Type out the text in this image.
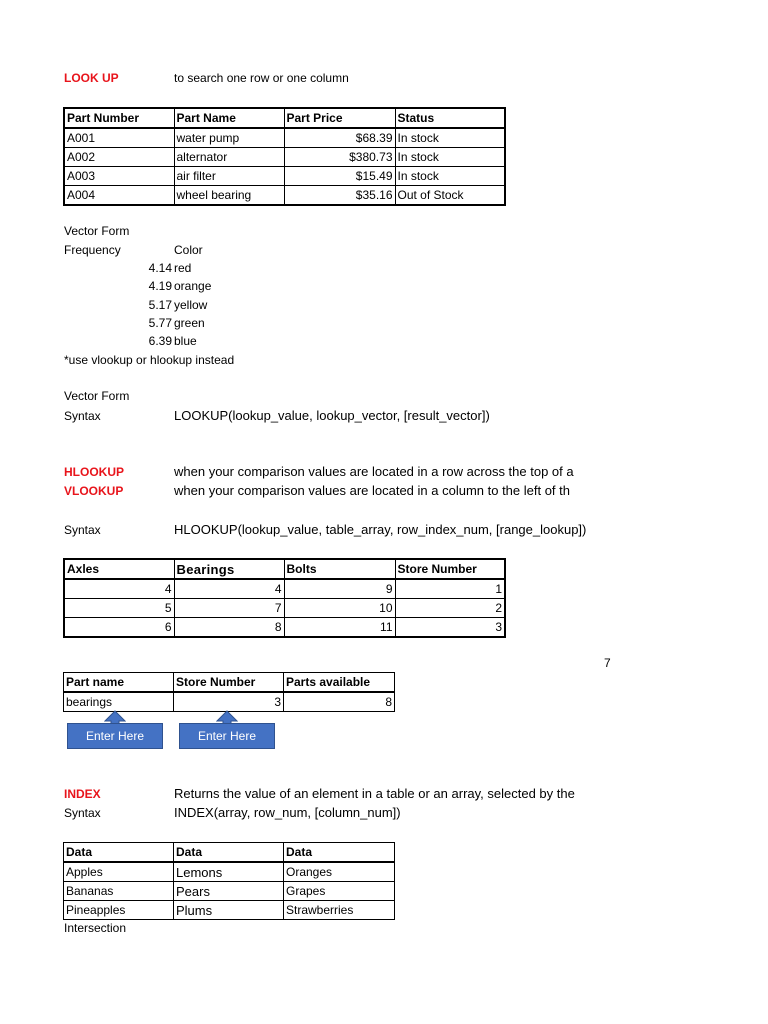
LOOK UP	to search one row or one column
Part Number	Part Name	Part Price	Status
A001	water pump	$68.39	In stock
A002	alternator	$380.73	In stock
A003	air filter	$15.49	In stock
A004	wheel bearing	$35.16	Out of Stock
Vector Form
Frequency	Color
4.14 red
4.19 orange
5.17 yellow
5.77 green
6.39 blue
*use vlookup or hlookup instead
Vector Form
Syntax	LOOKUP(lookup_value, lookup_vector, [result_vector])
HLOOKUP	when your comparison values are located in a row across the top of a
VLOOKUP	when your comparison values are located in a column to the left of th
Syntax	HLOOKUP(lookup_value, table_array, row_index_num, [range_lookup])
Axles	Bearings	Bolts	Store Number
4	4	9	1
5	7	10	2
6	8	11	3
7
Part name	Store Number	Parts available
bearings	3	8
Enter Here	Enter Here
INDEX	Returns the value of an element in a table or an array, selected by the
Syntax	INDEX(array, row_num, [column_num])
Data	Data	Data
Apples	Lemons	Oranges
Bananas	Pears	Grapes
Pineapples	Plums	Strawberries
Intersection
